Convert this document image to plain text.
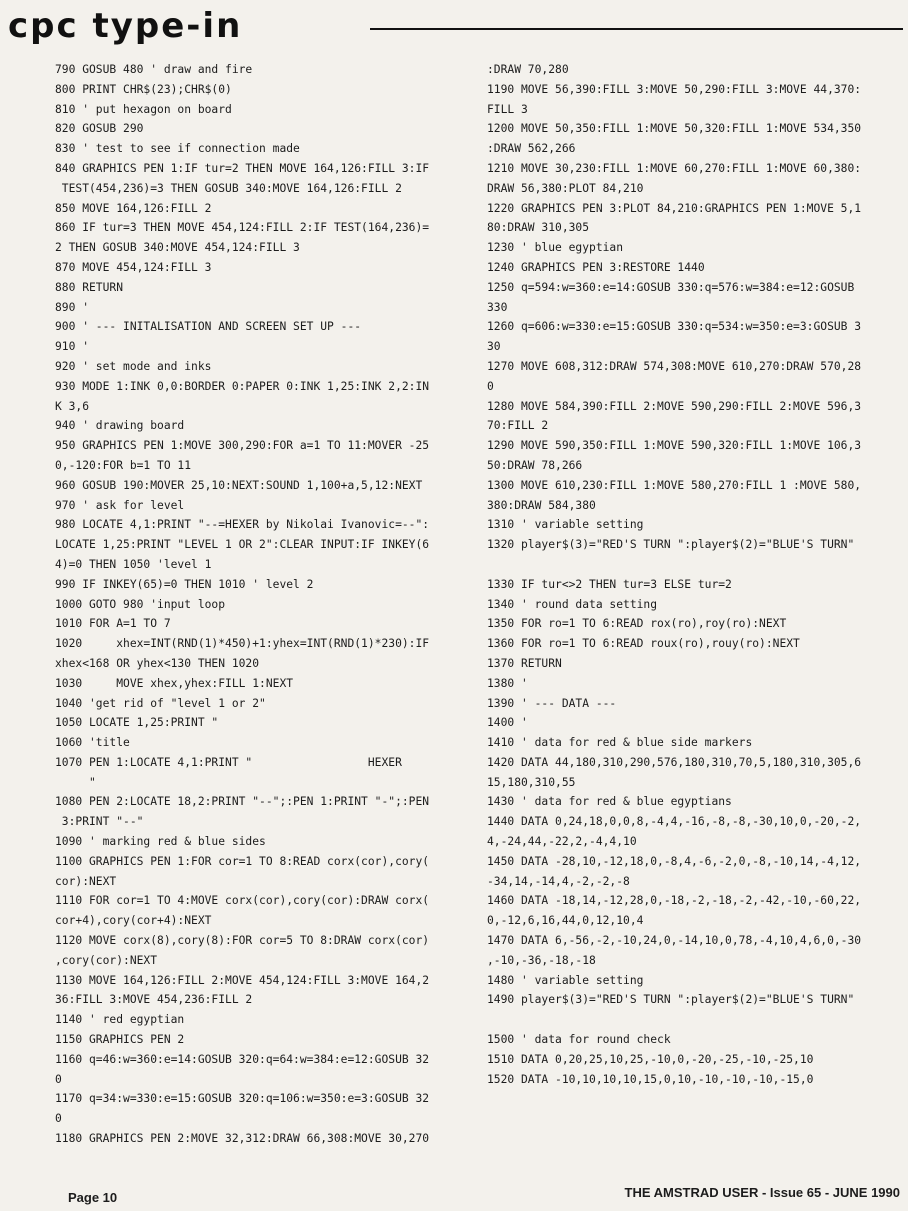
cpc type-in
790 GOSUB 480 ' draw and fire
800 PRINT CHR$(23);CHR$(0)
810 ' put hexagon on board
820 GOSUB 290
830 ' test to see if connection made
840 GRAPHICS PEN 1:IF tur=2 THEN MOVE 164,126:FILL 3:IF
TEST(454,236)=3 THEN GOSUB 340:MOVE 164,126:FILL 2
850 MOVE 164,126:FILL 2
860 IF tur=3 THEN MOVE 454,124:FILL 2:IF TEST(164,236)=
2 THEN GOSUB 340:MOVE 454,124:FILL 3
870 MOVE 454,124:FILL 3
880 RETURN
890 '
900 ' --- INITALISATION AND SCREEN SET UP ---
910 '
920 ' set mode and inks
930 MODE 1:INK 0,0:BORDER 0:PAPER 0:INK 1,25:INK 2,2:IN
K 3,6
940 ' drawing board
950 GRAPHICS PEN 1:MOVE 300,290:FOR a=1 TO 11:MOVER -25
0,-120:FOR b=1 TO 11
960 GOSUB 190:MOVER 25,10:NEXT:SOUND 1,100+a,5,12:NEXT
970 ' ask for level
980 LOCATE 4,1:PRINT "--=HEXER by Nikolai Ivanovic=--":
LOCATE 1,25:PRINT "LEVEL 1 OR 2":CLEAR INPUT:IF INKEY(6
4)=0 THEN 1050 'level 1
990 IF INKEY(65)=0 THEN 1010 ' level 2
1000 GOTO 980 'input loop
1010 FOR A=1 TO 7
1020     xhex=INT(RND(1)*450)+1:yhex=INT(RND(1)*230):IF
xhex<168 OR yhex<130 THEN 1020
1030     MOVE xhex,yhex:FILL 1:NEXT
1040 'get rid of "level 1 or 2"
1050 LOCATE 1,25:PRINT "
1060 'title
1070 PEN 1:LOCATE 4,1:PRINT "                 HEXER
"
1080 PEN 2:LOCATE 18,2:PRINT "--";:PEN 1:PRINT "-";:PEN
3:PRINT "--"
1090 ' marking red & blue sides
1100 GRAPHICS PEN 1:FOR cor=1 TO 8:READ corx(cor),cory(
cor):NEXT
1110 FOR cor=1 TO 4:MOVE corx(cor),cory(cor):DRAW corx(
cor+4),cory(cor+4):NEXT
1120 MOVE corx(8),cory(8):FOR cor=5 TO 8:DRAW corx(cor)
,cory(cor):NEXT
1130 MOVE 164,126:FILL 2:MOVE 454,124:FILL 3:MOVE 164,2
36:FILL 3:MOVE 454,236:FILL 2
1140 ' red egyptian
1150 GRAPHICS PEN 2
1160 q=46:w=360:e=14:GOSUB 320:q=64:w=384:e=12:GOSUB 32
0
1170 q=34:w=330:e=15:GOSUB 320:q=106:w=350:e=3:GOSUB 32
0
1180 GRAPHICS PEN 2:MOVE 32,312:DRAW 66,308:MOVE 30,270
:DRAW 70,280
1190 MOVE 56,390:FILL 3:MOVE 50,290:FILL 3:MOVE 44,370:
FILL 3
1200 MOVE 50,350:FILL 1:MOVE 50,320:FILL 1:MOVE 534,350
:DRAW 562,266
1210 MOVE 30,230:FILL 1:MOVE 60,270:FILL 1:MOVE 60,380:
DRAW 56,380:PLOT 84,210
1220 GRAPHICS PEN 3:PLOT 84,210:GRAPHICS PEN 1:MOVE 5,1
80:DRAW 310,305
1230 ' blue egyptian
1240 GRAPHICS PEN 3:RESTORE 1440
1250 q=594:w=360:e=14:GOSUB 330:q=576:w=384:e=12:GOSUB
330
1260 q=606:w=330:e=15:GOSUB 330:q=534:w=350:e=3:GOSUB 3
30
1270 MOVE 608,312:DRAW 574,308:MOVE 610,270:DRAW 570,28
0
1280 MOVE 584,390:FILL 2:MOVE 590,290:FILL 2:MOVE 596,3
70:FILL 2
1290 MOVE 590,350:FILL 1:MOVE 590,320:FILL 1:MOVE 106,3
50:DRAW 78,266
1300 MOVE 610,230:FILL 1:MOVE 580,270:FILL 1 :MOVE 580,
380:DRAW 584,380
1310 ' variable setting
1320 player$(3)="RED'S TURN ":player$(2)="BLUE'S TURN"
1330 IF tur<>2 THEN tur=3 ELSE tur=2
1340 ' round data setting
1350 FOR ro=1 TO 6:READ rox(ro),roy(ro):NEXT
1360 FOR ro=1 TO 6:READ roux(ro),rouy(ro):NEXT
1370 RETURN
1380 '
1390 ' --- DATA ---
1400 '
1410 ' data for red & blue side markers
1420 DATA 44,180,310,290,576,180,310,70,5,180,310,305,6
15,180,310,55
1430 ' data for red & blue egyptians
1440 DATA 0,24,18,0,0,8,-4,4,-16,-8,-8,-30,10,0,-20,-2,
4,-24,44,-22,2,-4,4,10
1450 DATA -28,10,-12,18,0,-8,4,-6,-2,0,-8,-10,14,-4,12,
-34,14,-14,4,-2,-2,-8
1460 DATA -18,14,-12,28,0,-18,-2,-18,-2,-42,-10,-60,22,
0,-12,6,16,44,0,12,10,4
1470 DATA 6,-56,-2,-10,24,0,-14,10,0,78,-4,10,4,6,0,-30
,-10,-36,-18,-18
1480 ' variable setting
1490 player$(3)="RED'S TURN ":player$(2)="BLUE'S TURN"
1500 ' data for round check
1510 DATA 0,20,25,10,25,-10,0,-20,-25,-10,-25,10
1520 DATA -10,10,10,10,15,0,10,-10,-10,-10,-15,0
Page 10	THE AMSTRAD USER - Issue 65 - JUNE 1990
